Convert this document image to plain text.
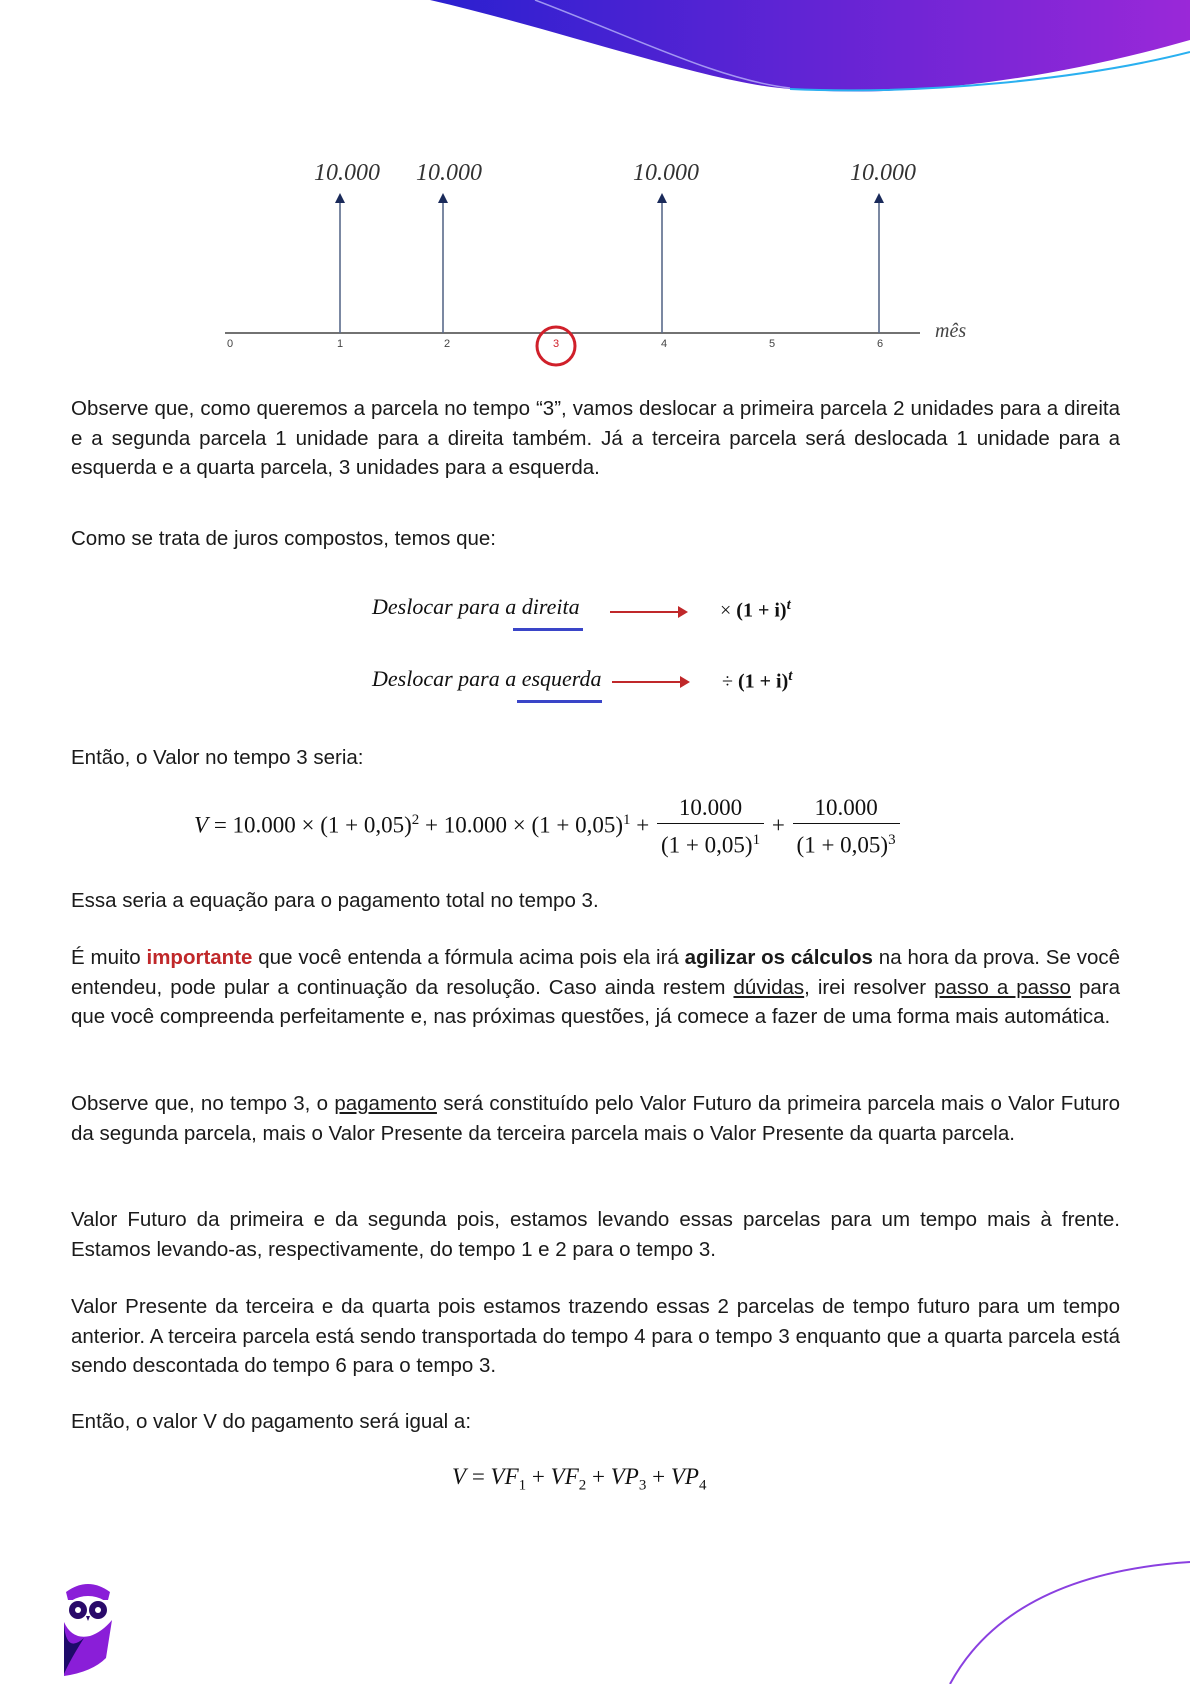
10.000 10.000	10.000	10.000
0	1	2	3	4	5	6
mês

Observe que, como queremos a parcela no tempo “3”, vamos deslocar a primeira parcela 2 unidades para a direita e a segunda parcela 1 unidade para a direita também. Já a terceira parcela será deslocada 1 unidade para a esquerda e a quarta parcela, 3 unidades para a esquerda.

Como se trata de juros compostos, temos que:

Deslocar para a direita	× $(1 + i)^t$
Deslocar para a esquerda	÷ $(1 + i)^t$

Então, o Valor no tempo 3 seria:

$V = 10.000 \times (1 + 0,05)^2 + 10.000 \times (1 + 0,05)^1 + \frac{10.000}{(1 + 0,05)^1} + \frac{10.000}{(1 + 0,05)^3}$

Essa seria a equação para o pagamento total no tempo 3.

É muito importante que você entenda a fórmula acima pois ela irá agilizar os cálculos na hora da prova. Se você entendeu, pode pular a continuação da resolução. Caso ainda restem dúvidas, irei resolver passo a passo para que você compreenda perfeitamente e, nas próximas questões, já comece a fazer de uma forma mais automática.

Observe que, no tempo 3, o pagamento será constituído pelo Valor Futuro da primeira parcela mais o Valor Futuro da segunda parcela, mais o Valor Presente da terceira parcela mais o Valor Presente da quarta parcela.

Valor Futuro da primeira e da segunda pois, estamos levando essas parcelas para um tempo mais à frente. Estamos levando-as, respectivamente, do tempo 1 e 2 para o tempo 3.

Valor Presente da terceira e da quarta pois estamos trazendo essas 2 parcelas de tempo futuro para um tempo anterior. A terceira parcela está sendo transportada do tempo 4 para o tempo 3 enquanto que a quarta parcela está sendo descontada do tempo 6 para o tempo 3.

Então, o valor V do pagamento será igual a:

$V = VF_1 + VF_2 + VP_3 + VP_4$
